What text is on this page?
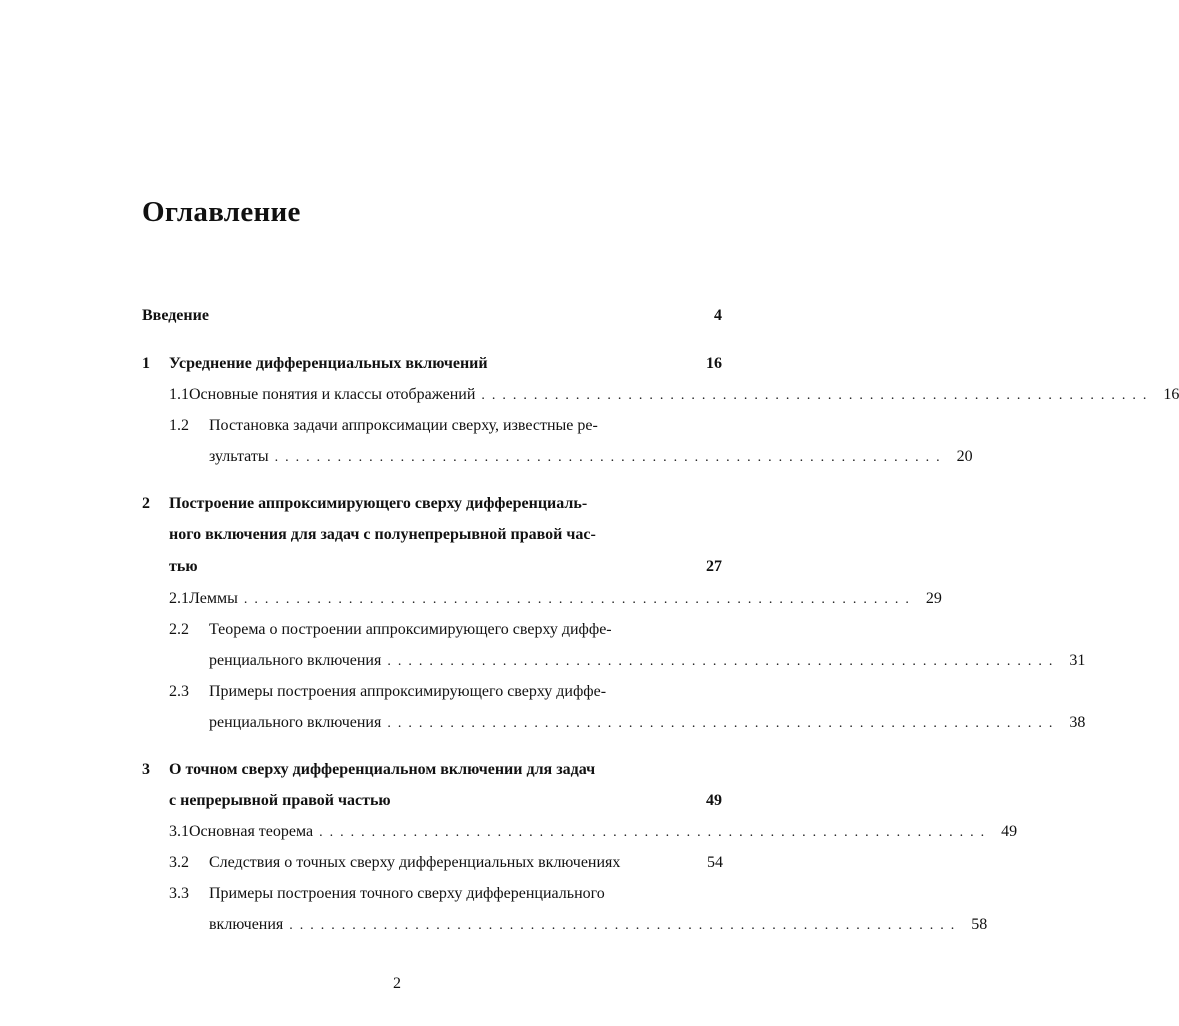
Оглавление
Введение	4
1	Усреднение дифференциальных включений	16
1.1 Основные понятия и классы отображений ................................................................ 16
1.2	Постановка задачи аппроксимации сверху, известные ре-
зультаты ................................................................ 20
2	Построение аппроксимирующего сверху дифференциаль-
ного включения для задач с полунепрерывной правой час-
тью	27
2.1 Леммы ................................................................ 29
2.2	Теорема о построении аппроксимирующего сверху диффе-
ренциального включения ................................................................ 31
2.3	Примеры построения аппроксимирующего сверху диффе-
ренциального включения ................................................................ 38
3	О точном сверху дифференциальном включении для задач
с непрерывной правой частью	49
3.1 Основная теорема ................................................................ 49
3.2	Следствия о точных сверху дифференциальных включениях	54
3.3	Примеры построения точного сверху дифференциального
включения ................................................................ 58
2
